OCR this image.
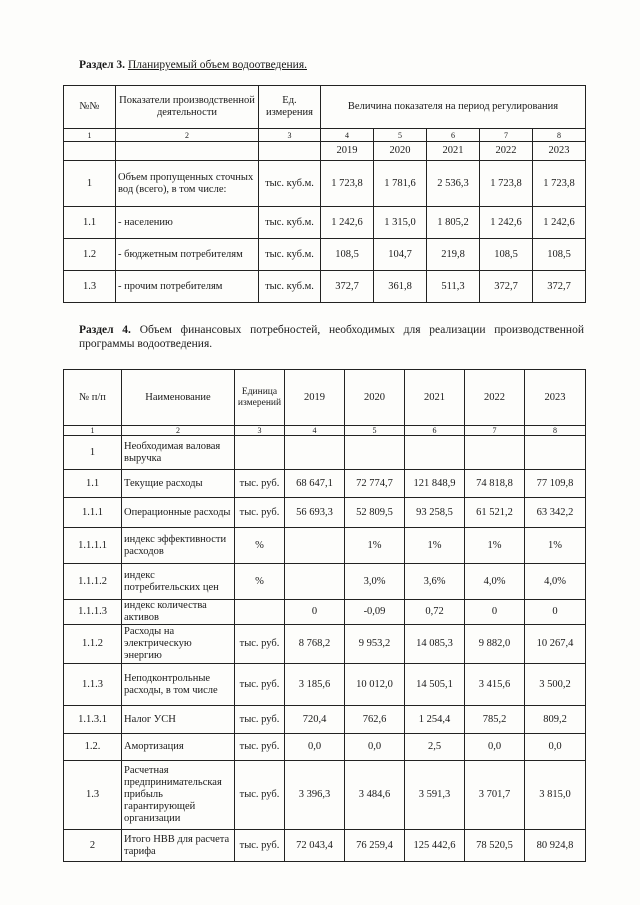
Раздел 3. Планируемый объем водоотведения.
№№	Показатели производственной деятельности	Ед. измерения	Величина показателя на период регулирования				
1	2	3	4	5	6	7	8
			2019	2020	2021	2022	2023
1	Объем пропущенных сточных вод (всего), в том числе:	тыс. куб.м.	1 723,8	1 781,6	2 536,3	1 723,8	1 723,8
1.1	- населению	тыс. куб.м.	1 242,6	1 315,0	1 805,2	1 242,6	1 242,6
1.2	- бюджетным потребителям	тыс. куб.м.	108,5	104,7	219,8	108,5	108,5
1.3	- прочим потребителям	тыс. куб.м.	372,7	361,8	511,3	372,7	372,7
Раздел 4. Объем финансовых потребностей, необходимых для реализации производственной программы водоотведения.
№ п/п	Наименование	Единица измерений	2019	2020	2021	2022	2023
1	2	3	4	5	6	7	8
1	Необходимая валовая выручка						
1.1	Текущие расходы	тыс. руб.	68 647,1	72 774,7	121 848,9	74 818,8	77 109,8
1.1.1	Операционные расходы	тыс. руб.	56 693,3	52 809,5	93 258,5	61 521,2	63 342,2
1.1.1.1	индекс эффективности расходов	%		1%	1%	1%	1%
1.1.1.2	индекс потребительских цен	%		3,0%	3,6%	4,0%	4,0%
1.1.1.3	индекс количества активов		0	-0,09	0,72	0	0
1.1.2	Расходы на электрическую энергию	тыс. руб.	8 768,2	9 953,2	14 085,3	9 882,0	10 267,4
1.1.3	Неподконтрольные расходы, в том числе	тыс. руб.	3 185,6	10 012,0	14 505,1	3 415,6	3 500,2
1.1.3.1	Налог УСН	тыс. руб.	720,4	762,6	1 254,4	785,2	809,2
1.2.	Амортизация	тыс. руб.	0,0	0,0	2,5	0,0	0,0
1.3	Расчетная предпринимательская прибыль гарантирующей организации	тыс. руб.	3 396,3	3 484,6	3 591,3	3 701,7	3 815,0
2	Итого НВВ для расчета тарифа	тыс. руб.	72 043,4	76 259,4	125 442,6	78 520,5	80 924,8
